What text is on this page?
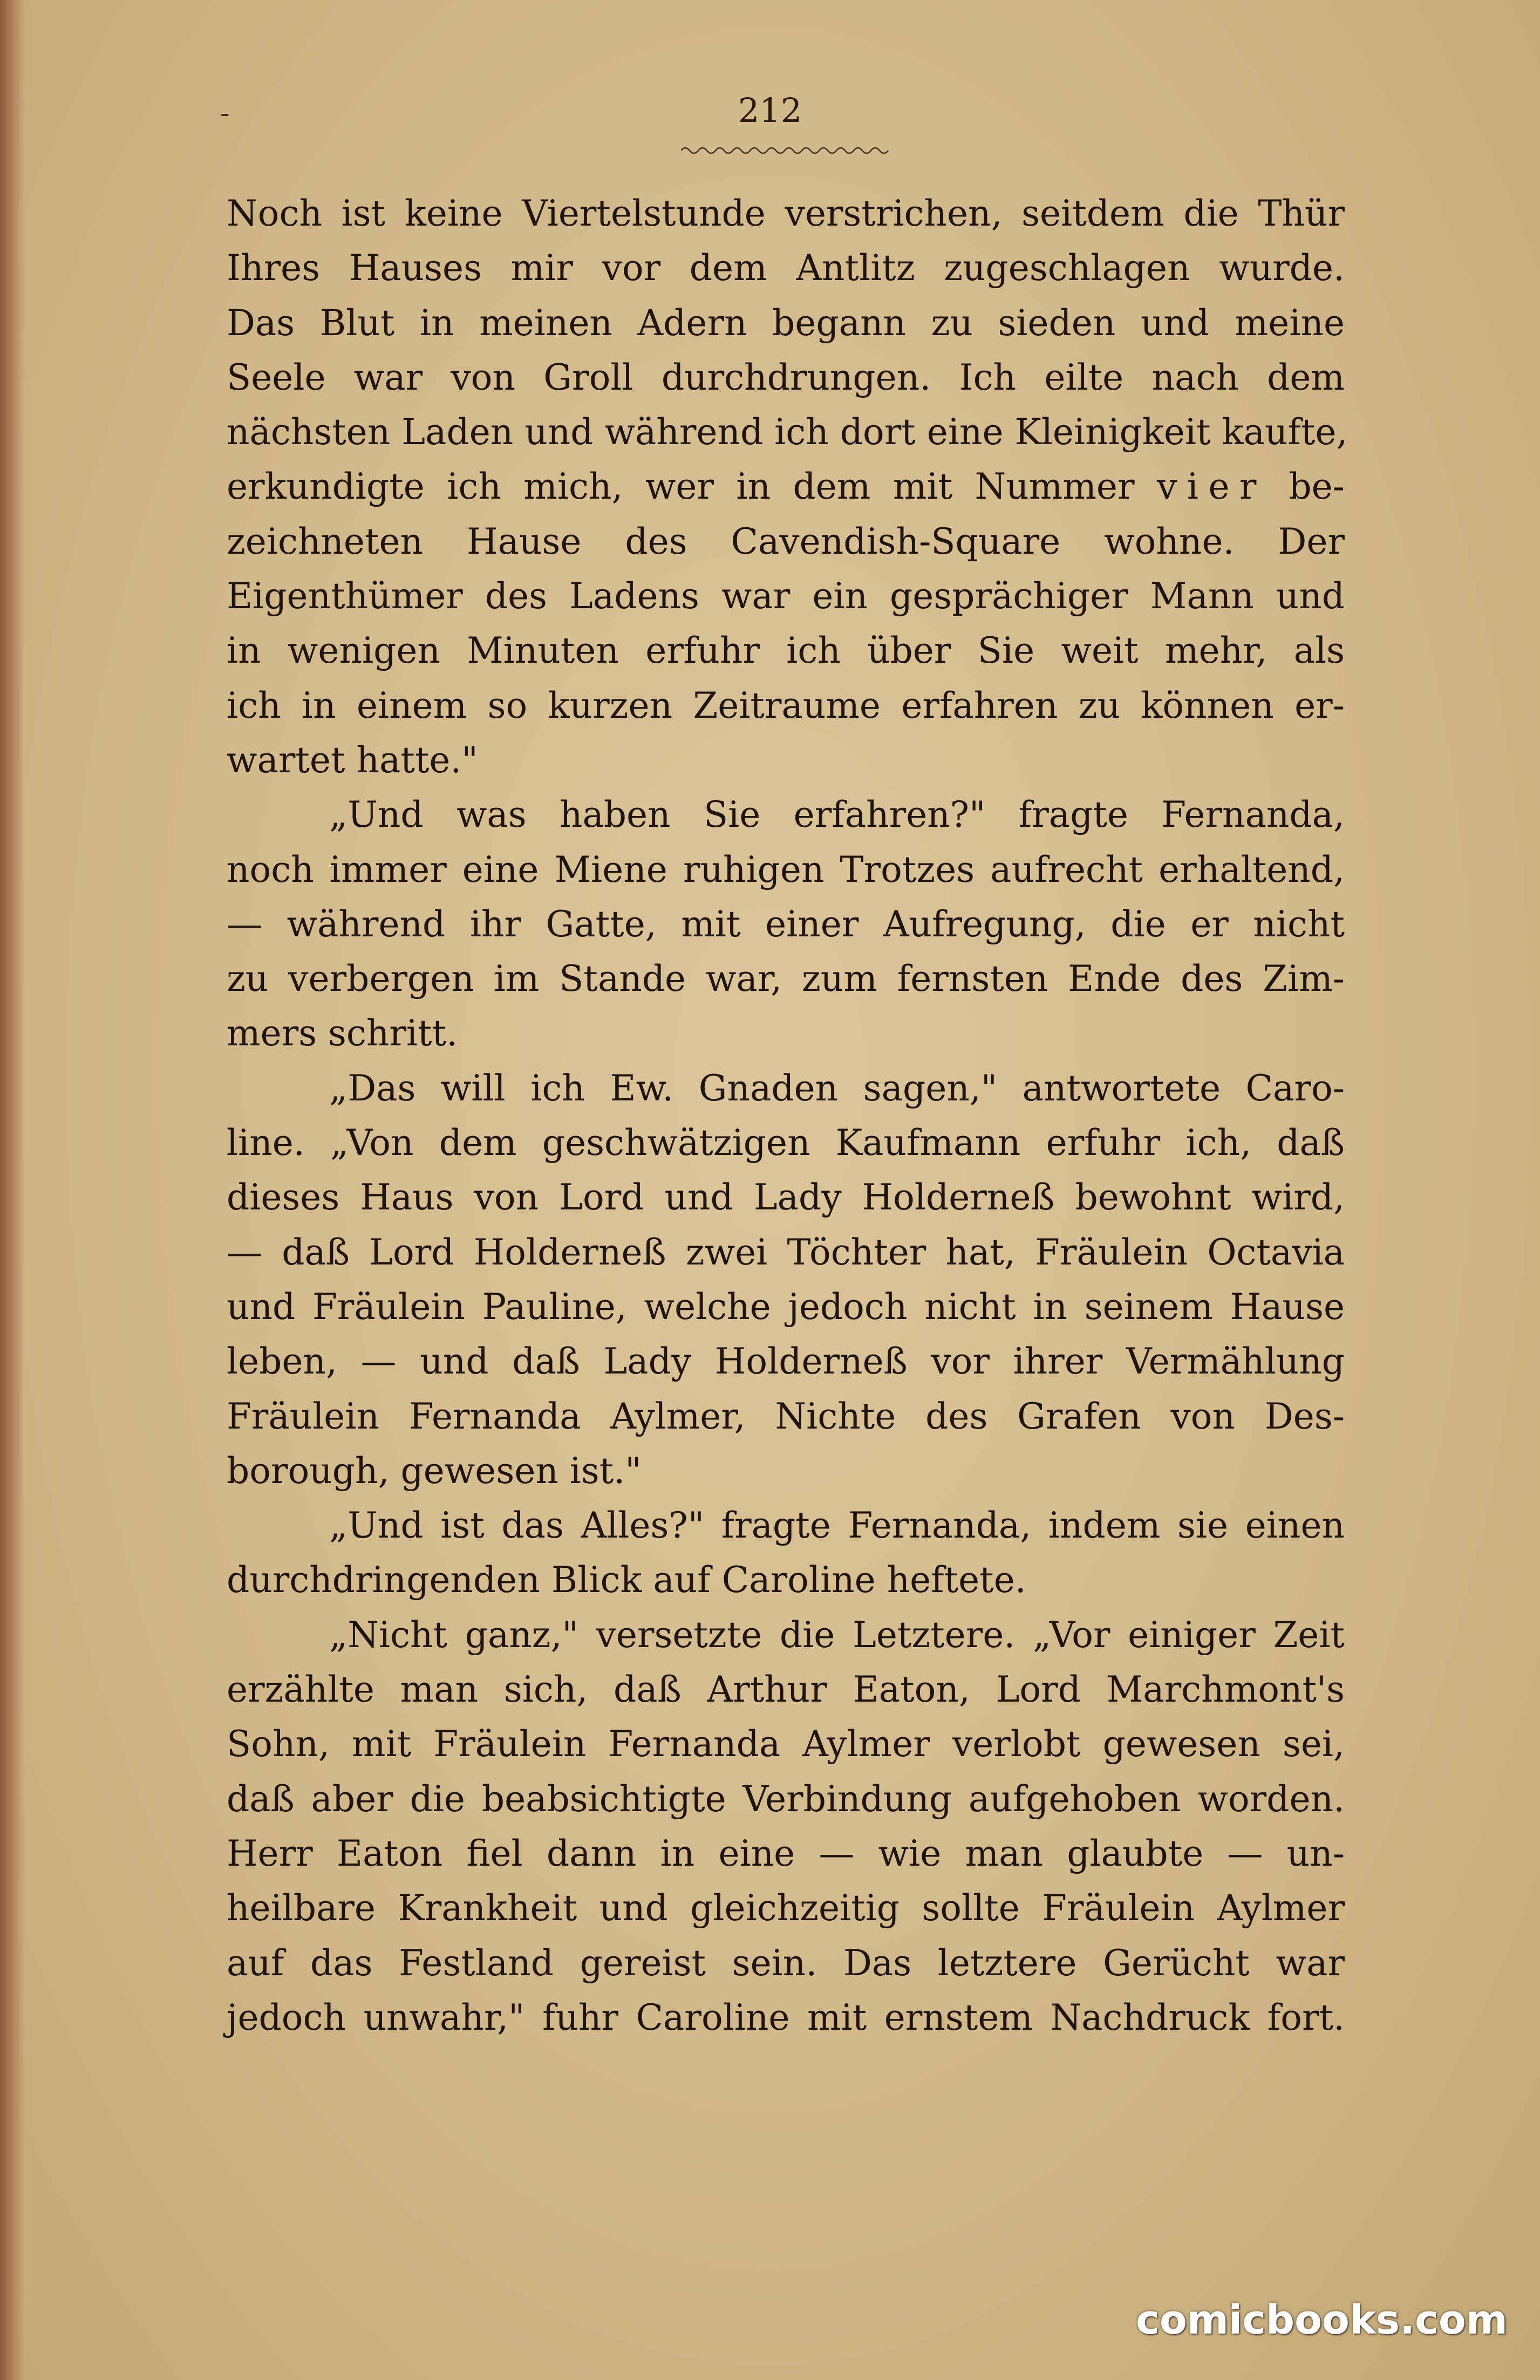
-	212
Noch ist keine Viertelstunde verstrichen, seitdem die Thür
Ihres Hauses mir vor dem Antlitz zugeschlagen wurde.
Das Blut in meinen Adern begann zu sieden und meine
Seele war von Groll durchdrungen. Ich eilte nach dem
nächsten Laden und während ich dort eine Kleinigkeit kaufte,
erkundigte ich mich, wer in dem mit Nummer vier be-
zeichneten Hause des Cavendish-Square wohne. Der
Eigenthümer des Ladens war ein gesprächiger Mann und
in wenigen Minuten erfuhr ich über Sie weit mehr, als
ich in einem so kurzen Zeitraume erfahren zu können er-
wartet hatte."
„Und was haben Sie erfahren?" fragte Fernanda,
noch immer eine Miene ruhigen Trotzes aufrecht erhaltend,
— während ihr Gatte, mit einer Aufregung, die er nicht
zu verbergen im Stande war, zum fernsten Ende des Zim-
mers schritt.
„Das will ich Ew. Gnaden sagen," antwortete Caro-
line. „Von dem geschwätzigen Kaufmann erfuhr ich, daß
dieses Haus von Lord und Lady Holderneß bewohnt wird,
— daß Lord Holderneß zwei Töchter hat, Fräulein Octavia
und Fräulein Pauline, welche jedoch nicht in seinem Hause
leben, — und daß Lady Holderneß vor ihrer Vermählung
Fräulein Fernanda Aylmer, Nichte des Grafen von Des-
borough, gewesen ist."
„Und ist das Alles?" fragte Fernanda, indem sie einen
durchdringenden Blick auf Caroline heftete.
„Nicht ganz," versetzte die Letztere. „Vor einiger Zeit
erzählte man sich, daß Arthur Eaton, Lord Marchmont's
Sohn, mit Fräulein Fernanda Aylmer verlobt gewesen sei,
daß aber die beabsichtigte Verbindung aufgehoben worden.
Herr Eaton fiel dann in eine — wie man glaubte — un-
heilbare Krankheit und gleichzeitig sollte Fräulein Aylmer
auf das Festland gereist sein. Das letztere Gerücht war
jedoch unwahr," fuhr Caroline mit ernstem Nachdruck fort.
comicbooks.com
